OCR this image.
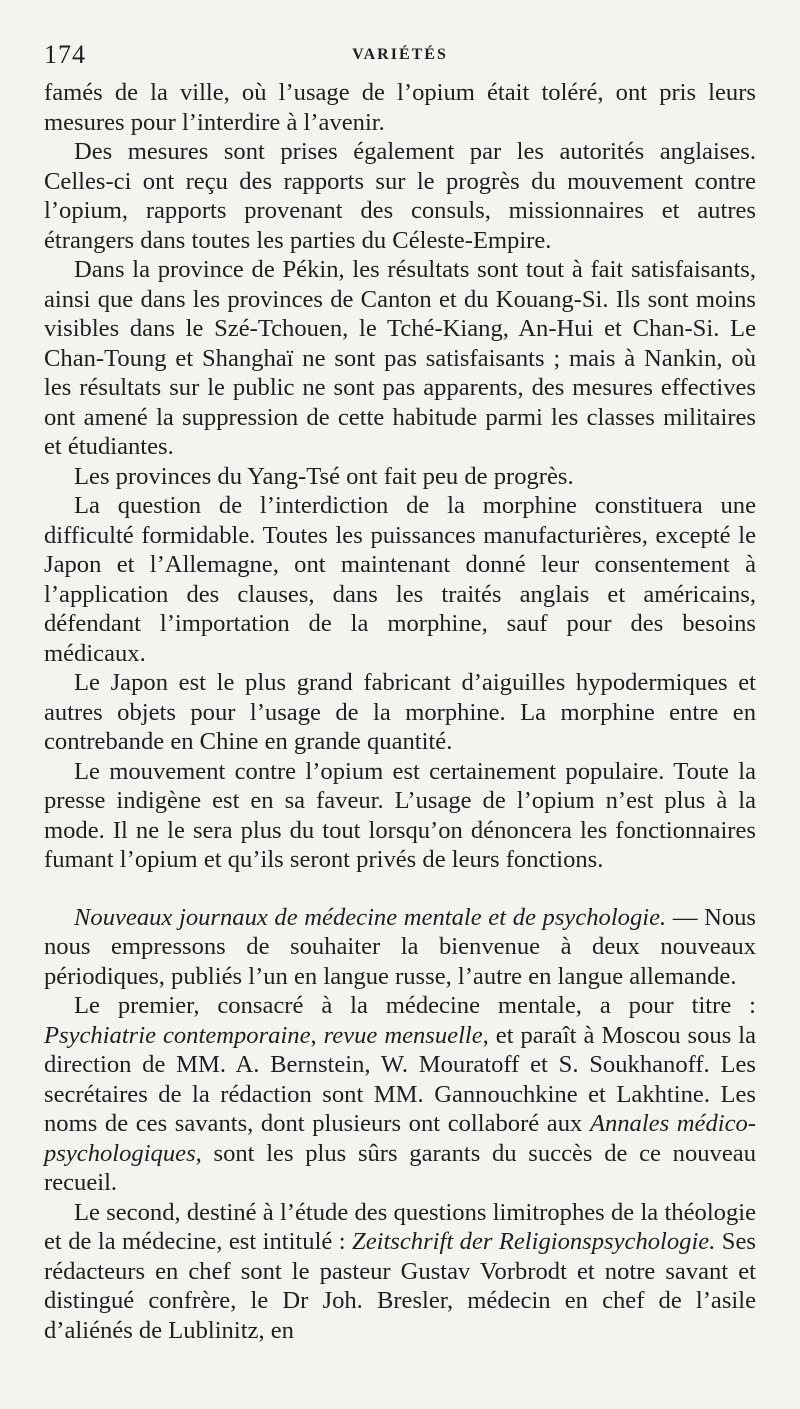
174	VARIÉTÉS

famés de la ville, où l’usage de l’opium était toléré, ont pris leurs mesures pour l’interdire à l’avenir.

Des mesures sont prises également par les autorités anglaises. Celles-ci ont reçu des rapports sur le progrès du mouvement contre l’opium, rapports provenant des consuls, missionnaires et autres étrangers dans toutes les parties du Céleste-Empire.

Dans la province de Pékin, les résultats sont tout à fait satisfaisants, ainsi que dans les provinces de Canton et du Kouang-Si. Ils sont moins visibles dans le Szé-Tchouen, le Tché-Kiang, An-Hui et Chan-Si. Le Chan-Toung et Shanghaï ne sont pas satisfaisants ; mais à Nankin, où les résultats sur le public ne sont pas apparents, des mesures effectives ont amené la suppression de cette habitude parmi les classes militaires et étudiantes.

Les provinces du Yang-Tsé ont fait peu de progrès.

La question de l’interdiction de la morphine constituera une difficulté formidable. Toutes les puissances manufacturières, excepté le Japon et l’Allemagne, ont maintenant donné leur consentement à l’application des clauses, dans les traités anglais et américains, défendant l’importation de la morphine, sauf pour des besoins médicaux.

Le Japon est le plus grand fabricant d’aiguilles hypodermiques et autres objets pour l’usage de la morphine. La morphine entre en contrebande en Chine en grande quantité.

Le mouvement contre l’opium est certainement populaire. Toute la presse indigène est en sa faveur. L’usage de l’opium n’est plus à la mode. Il ne le sera plus du tout lorsqu’on dénoncera les fonctionnaires fumant l’opium et qu’ils seront privés de leurs fonctions.

Nouveaux journaux de médecine mentale et de psychologie. — Nous nous empressons de souhaiter la bienvenue à deux nouveaux périodiques, publiés l’un en langue russe, l’autre en langue allemande.

Le premier, consacré à la médecine mentale, a pour titre : Psychiatrie contemporaine, revue mensuelle, et paraît à Moscou sous la direction de MM. A. Bernstein, W. Mouratoff et S. Soukhanoff. Les secrétaires de la rédaction sont MM. Gannouchkine et Lakhtine. Les noms de ces savants, dont plusieurs ont collaboré aux Annales médico-psychologiques, sont les plus sûrs garants du succès de ce nouveau recueil.

Le second, destiné à l’étude des questions limitrophes de la théologie et de la médecine, est intitulé : Zeitschrift der Religionspsychologie. Ses rédacteurs en chef sont le pasteur Gustav Vorbrodt et notre savant et distingué confrère, le Dr Joh. Bresler, médecin en chef de l’asile d’aliénés de Lublinitz, en
